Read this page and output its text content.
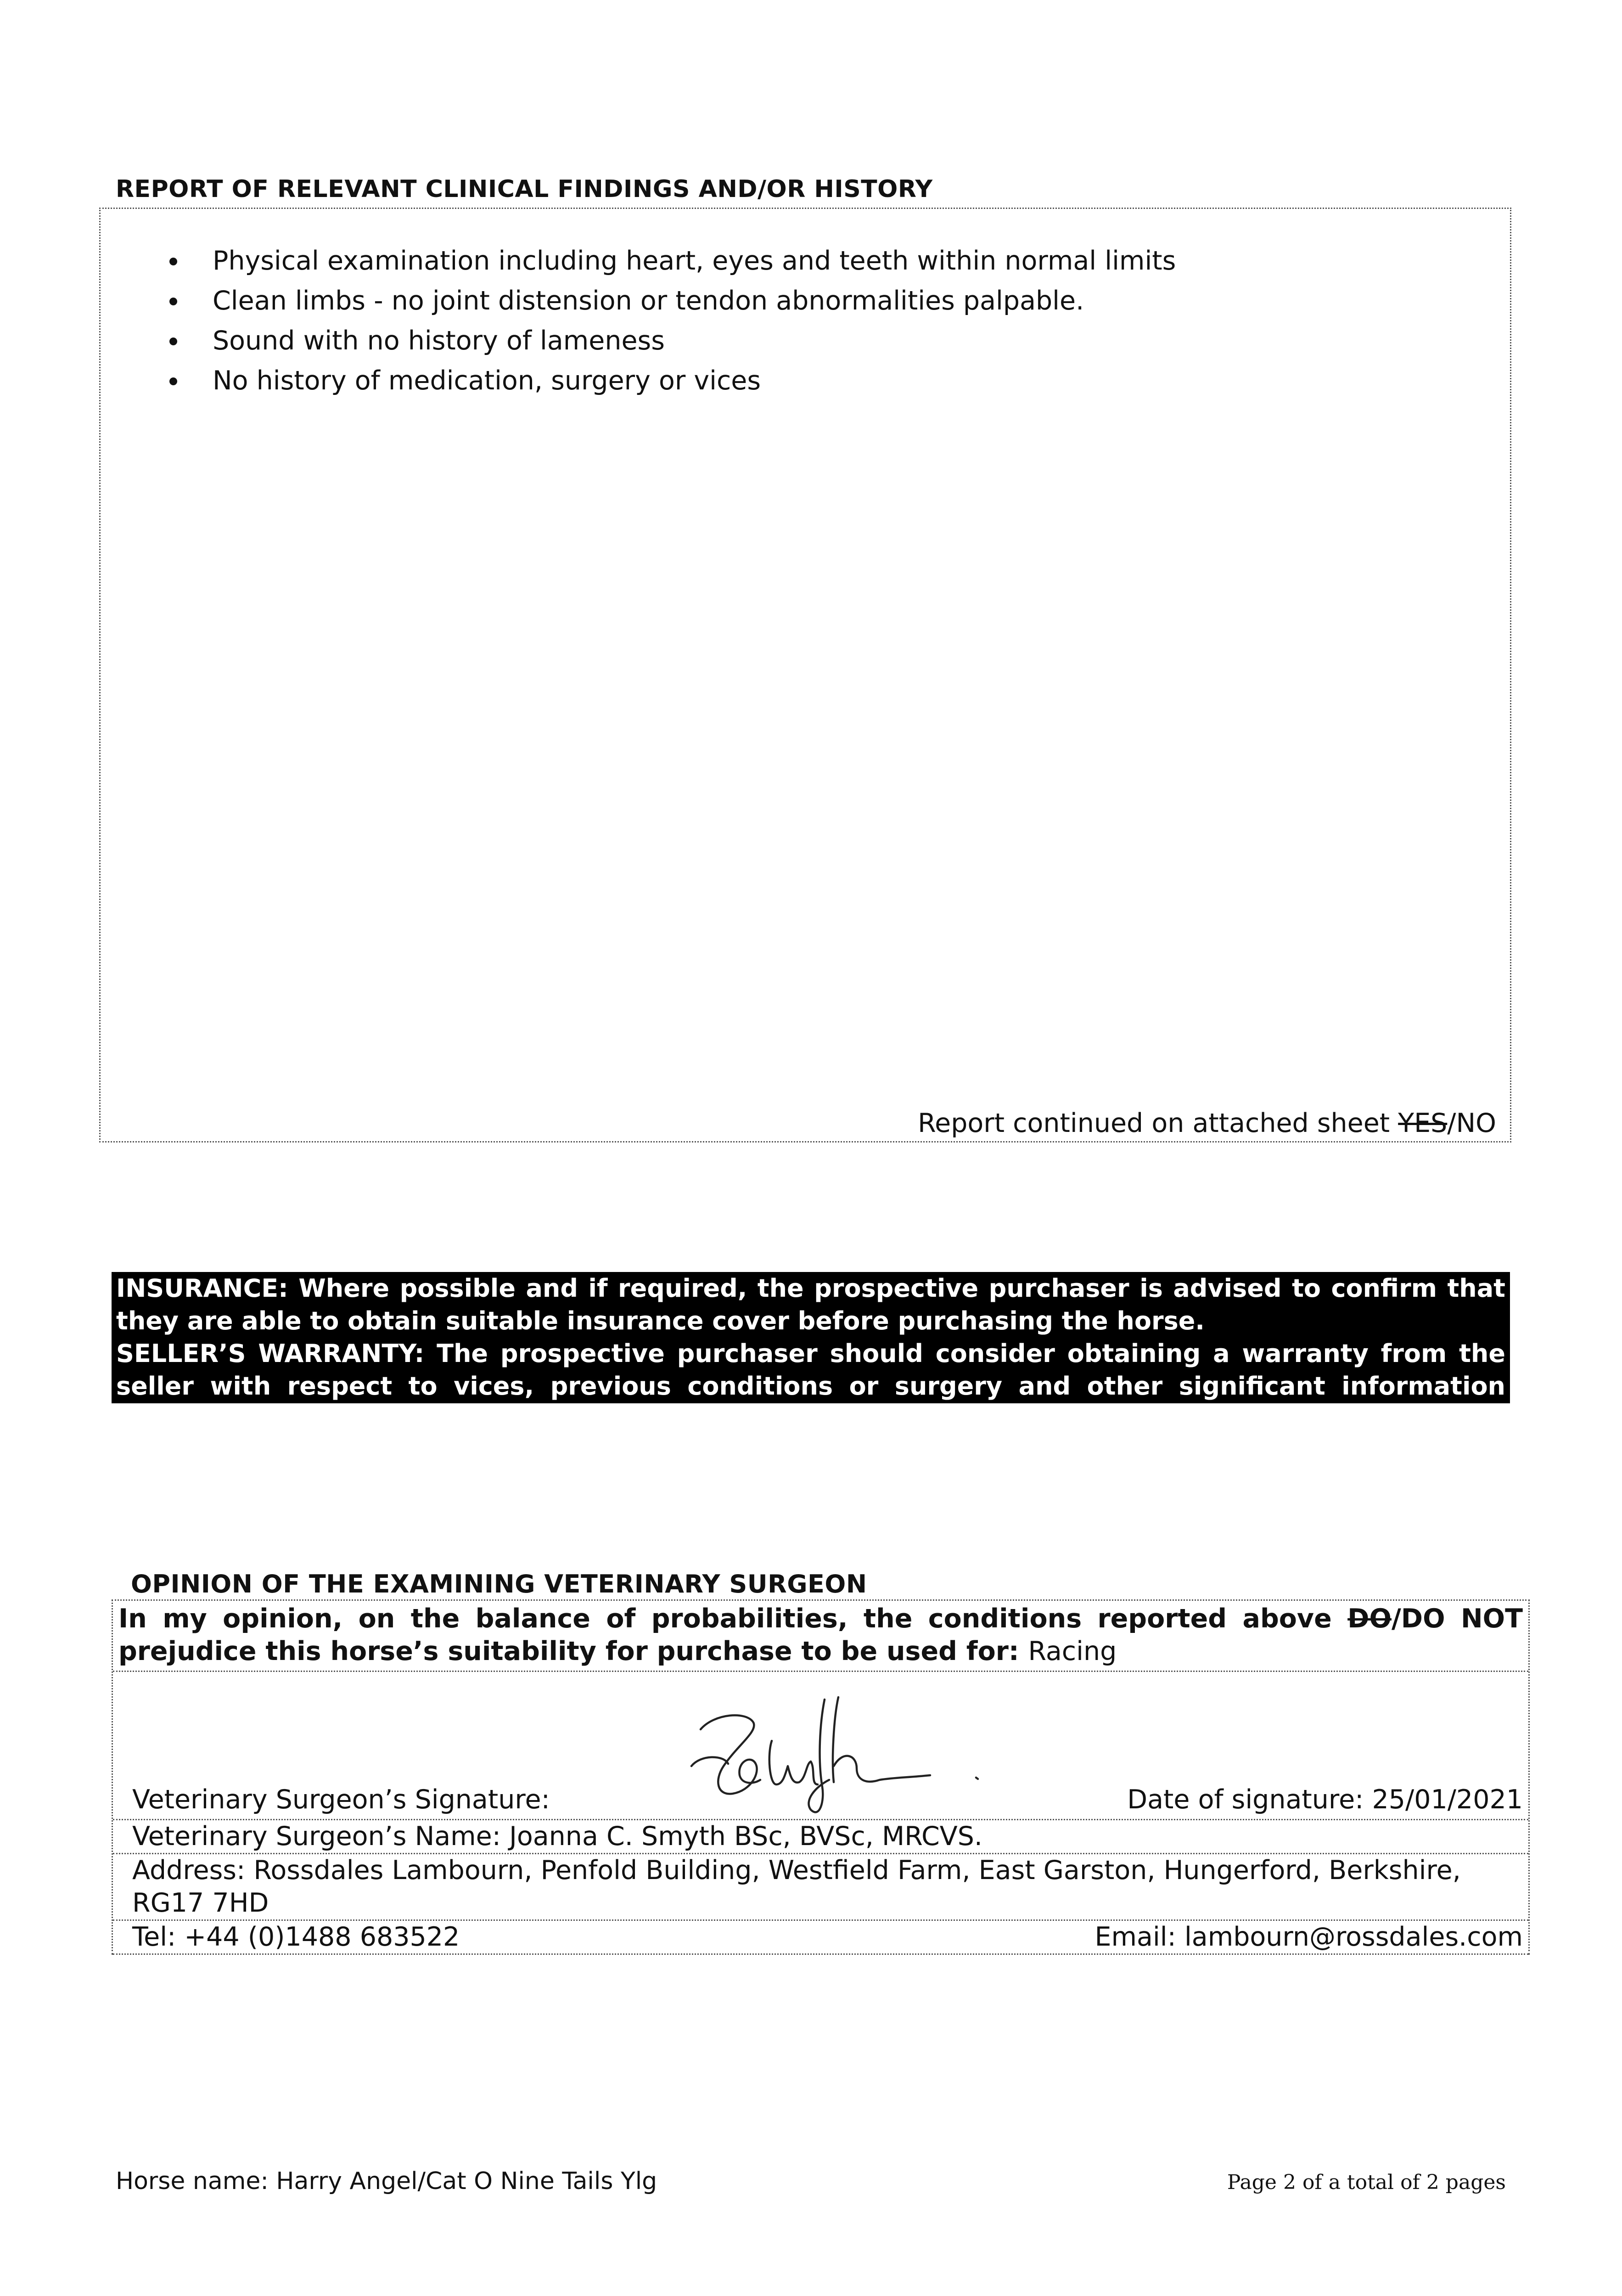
REPORT OF RELEVANT CLINICAL FINDINGS AND/OR HISTORY
Physical examination including heart, eyes and teeth within normal limits
Clean limbs - no joint distension or tendon abnormalities palpable.
Sound with no history of lameness
No history of medication, surgery or vices
Report continued on attached sheet YES/NO

INSURANCE: Where possible and if required, the prospective purchaser is advised to confirm that they are able to obtain suitable insurance cover before purchasing the horse.

SELLER’S WARRANTY: The prospective purchaser should consider obtaining a warranty from the seller with respect to vices, previous conditions or surgery and other significant information before purchasing the horse

OPINION OF THE EXAMINING VETERINARY SURGEON
In my opinion, on the balance of probabilities, the conditions reported above DO/DO NOT prejudice this horse’s suitability for purchase to be used for: Racing
Veterinary Surgeon’s Signature:	Date of signature: 25/01/2021
Veterinary Surgeon’s Name: Joanna C. Smyth BSc, BVSc, MRCVS.
Address: Rossdales Lambourn, Penfold Building, Westfield Farm, East Garston, Hungerford, Berkshire, RG17 7HD
Tel: +44 (0)1488 683522	Email: lambourn@rossdales.com
Horse name: Harry Angel/Cat O Nine Tails Ylg	Page 2 of a total of 2 pages
